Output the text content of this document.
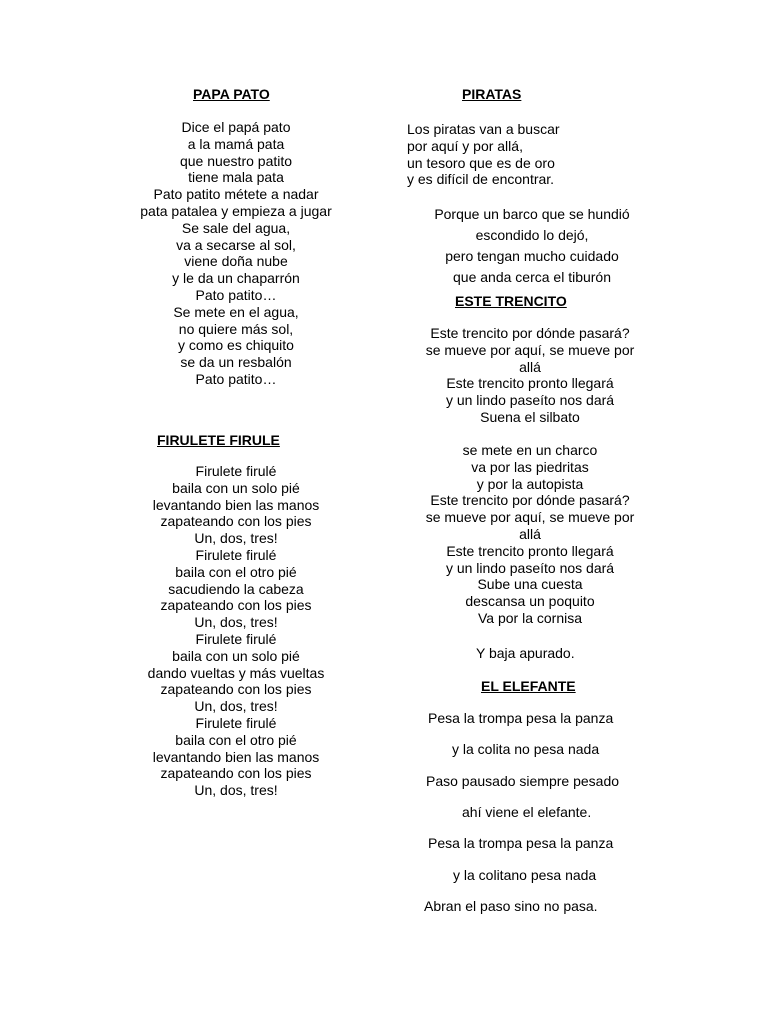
PAPA PATO
Dice el papá pato
a la mamá pata
que nuestro patito
tiene mala pata
Pato patito métete a nadar
pata patalea y empieza a jugar
Se sale del agua,
va a secarse al sol,
viene doña nube
y le da un chaparrón
Pato patito…
Se mete en el agua,
no quiere más sol,
y como es chiquito
se da un resbalón
Pato patito…
FIRULETE FIRULE
Firulete firulé
baila con un solo pié
levantando bien las manos
zapateando con los pies
Un, dos, tres!
Firulete firulé
baila con el otro pié
sacudiendo la cabeza
zapateando con los pies
Un, dos, tres!
Firulete firulé
baila con un solo pié
dando vueltas y más vueltas
zapateando con los pies
Un, dos, tres!
Firulete firulé
baila con el otro pié
levantando bien las manos
zapateando con los pies
Un, dos, tres!
PIRATAS
Los piratas van a buscar
por aquí y por allá,
un tesoro que es de oro
y es difícil de encontrar.
Porque un barco que se hundió
escondido lo dejó,
pero tengan mucho cuidado
que anda cerca el tiburón
ESTE TRENCITO
Este trencito por dónde pasará?
se mueve por aquí, se mueve por
allá
Este trencito pronto llegará
y un lindo paseíto nos dará
Suena el silbato
se mete en un charco
va por las piedritas
y por la autopista
Este trencito por dónde pasará?
se mueve por aquí, se mueve por
allá
Este trencito pronto llegará
y un lindo paseíto nos dará
Sube una cuesta
descansa un poquito
Va por la cornisa
Y baja apurado.
EL ELEFANTE
Pesa la trompa pesa la panza
y la colita no pesa nada
Paso pausado siempre pesado
ahí viene el elefante.
Pesa la trompa pesa la panza
y la colitano pesa nada
Abran el paso sino no pasa.
